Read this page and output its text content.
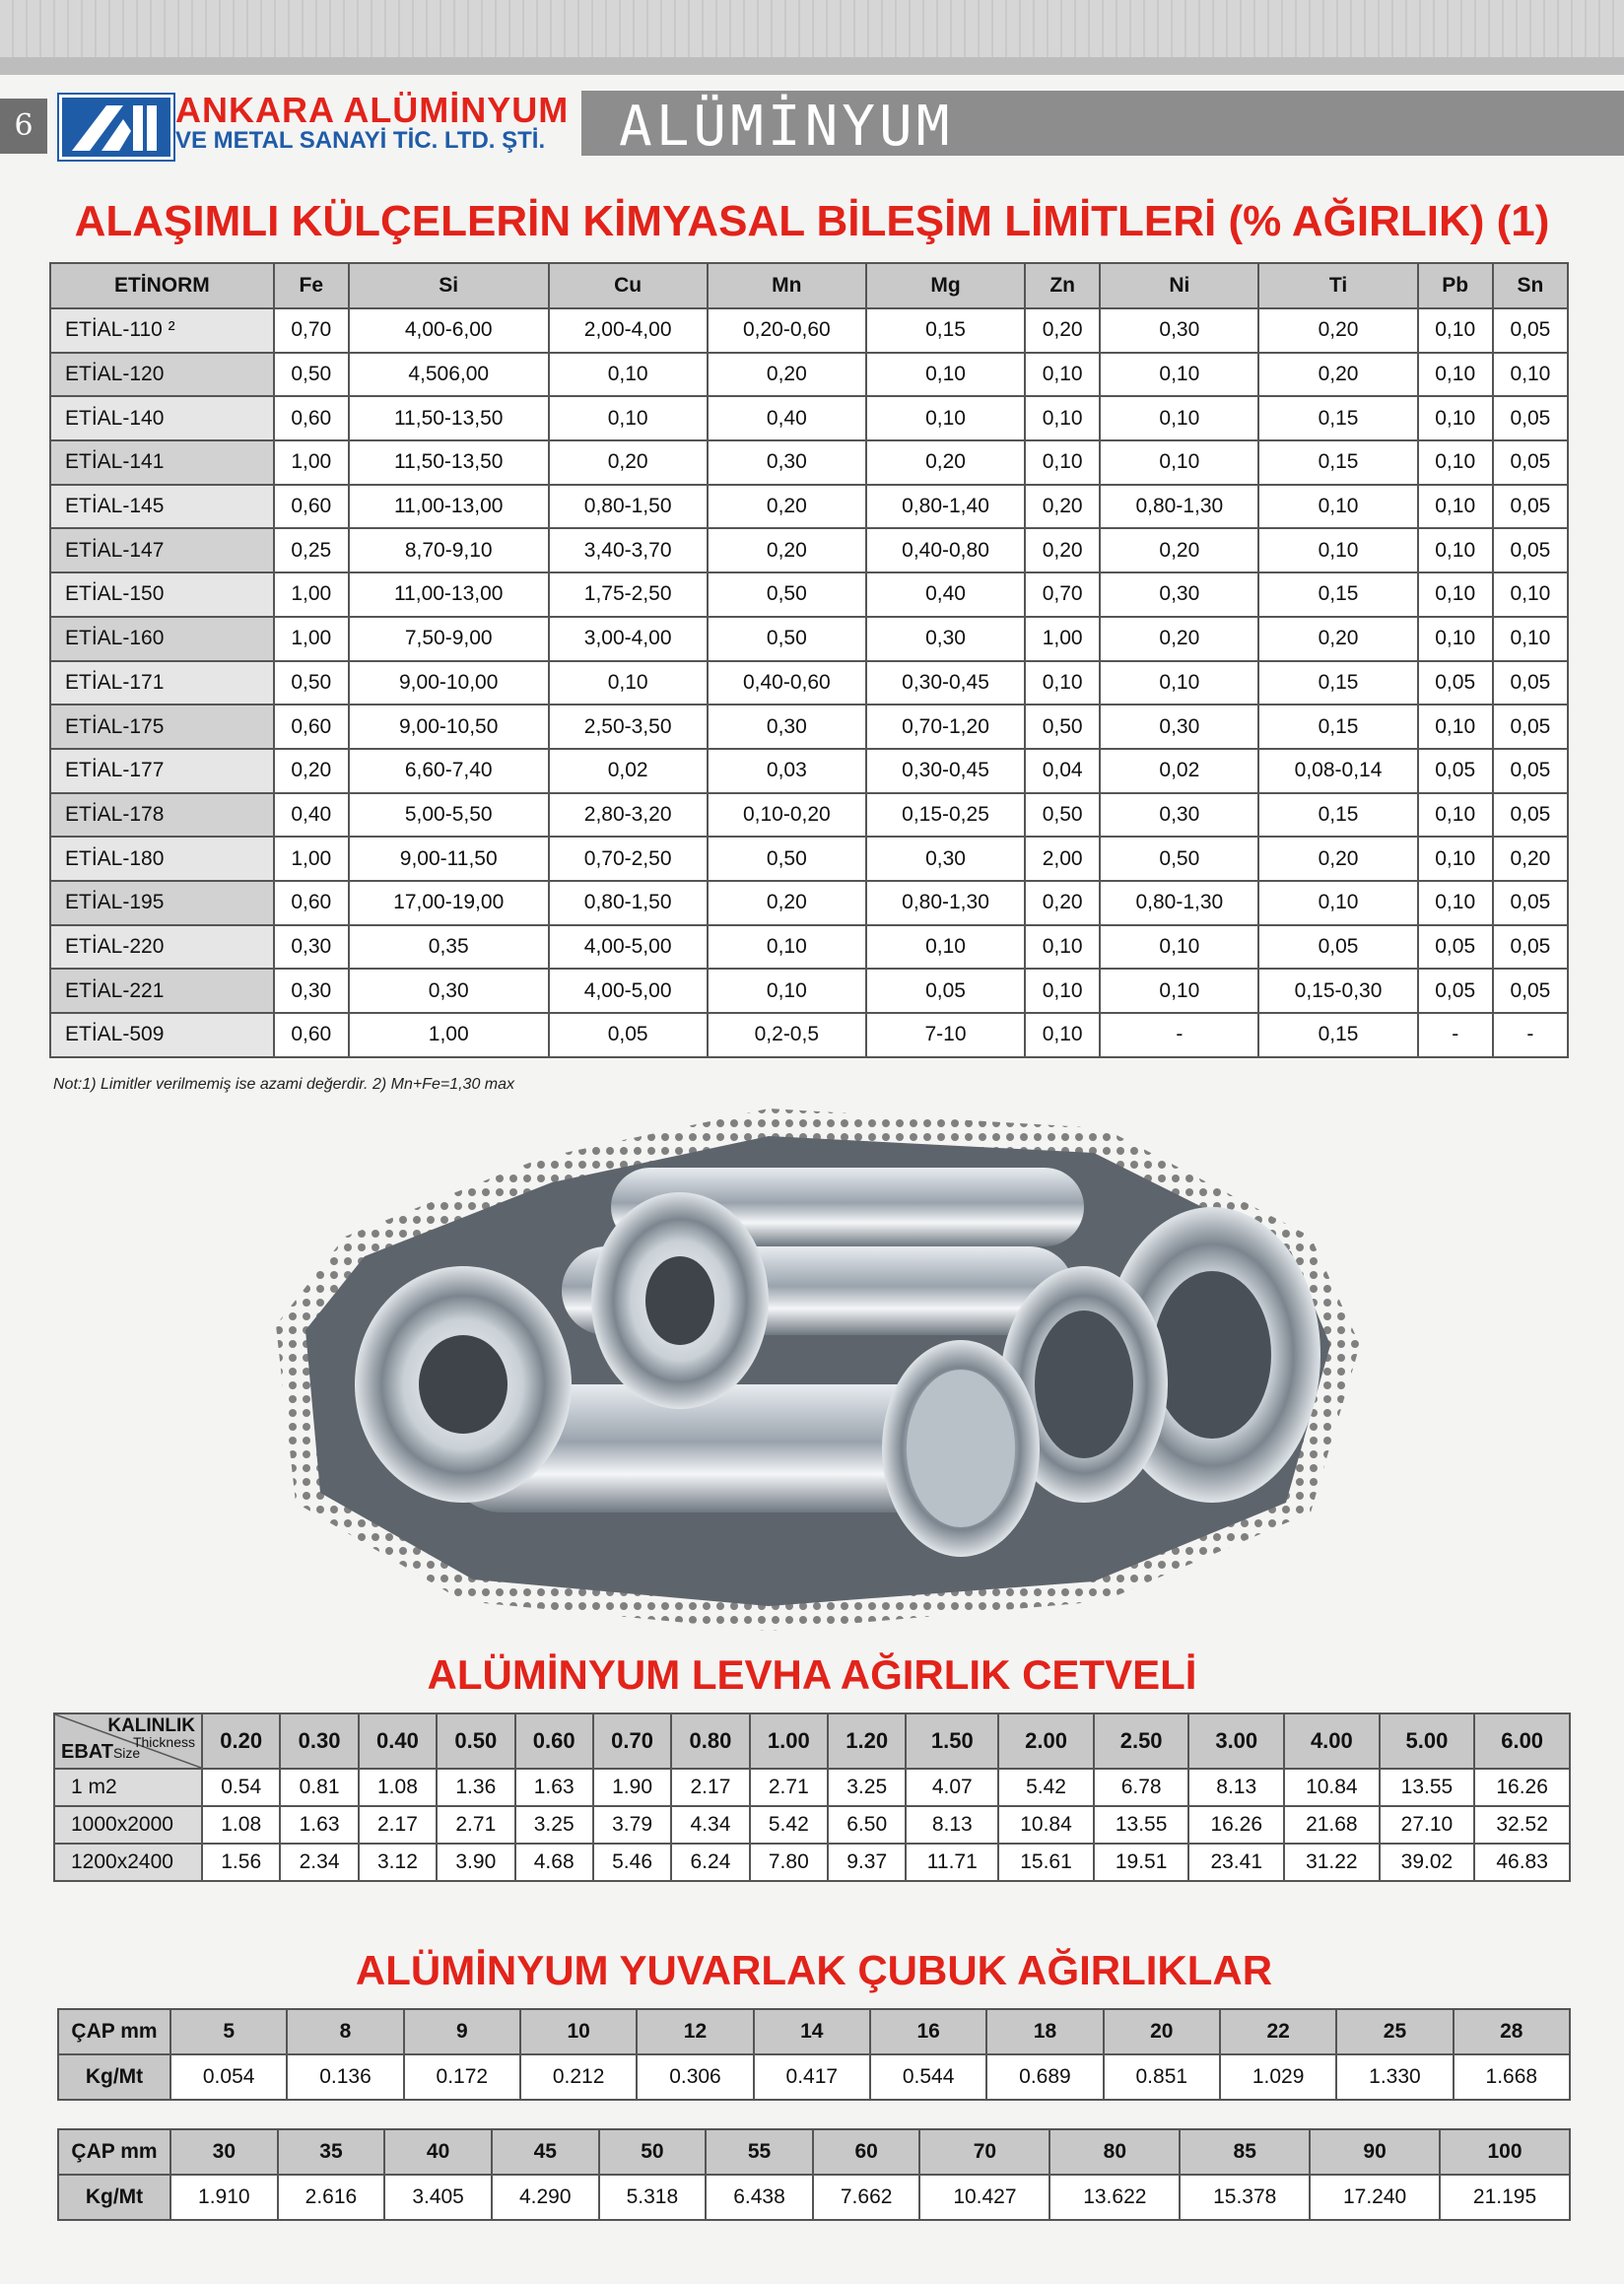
6	ANKARA ALÜMİNYUM
VE METAL SANAYİ TİC. LTD. ŞTİ.	ALÜMİNYUM
ALAŞIMLI KÜLÇELERİN KİMYASAL BİLEŞİM LİMİTLERİ (% AĞIRLIK) (1)
ETİNORM	Fe	Si	Cu	Mn	Mg	Zn	Ni	Ti	Pb	Sn
ETİAL-110 ²	0,70	4,00-6,00	2,00-4,00	0,20-0,60	0,15	0,20	0,30	0,20	0,10	0,05
ETİAL-120	0,50	4,506,00	0,10	0,20	0,10	0,10	0,10	0,20	0,10	0,10
ETİAL-140	0,60	11,50-13,50	0,10	0,40	0,10	0,10	0,10	0,15	0,10	0,05
ETİAL-141	1,00	11,50-13,50	0,20	0,30	0,20	0,10	0,10	0,15	0,10	0,05
ETİAL-145	0,60	11,00-13,00	0,80-1,50	0,20	0,80-1,40	0,20	0,80-1,30	0,10	0,10	0,05
ETİAL-147	0,25	8,70-9,10	3,40-3,70	0,20	0,40-0,80	0,20	0,20	0,10	0,10	0,05
ETİAL-150	1,00	11,00-13,00	1,75-2,50	0,50	0,40	0,70	0,30	0,15	0,10	0,10
ETİAL-160	1,00	7,50-9,00	3,00-4,00	0,50	0,30	1,00	0,20	0,20	0,10	0,10
ETİAL-171	0,50	9,00-10,00	0,10	0,40-0,60	0,30-0,45	0,10	0,10	0,15	0,05	0,05
ETİAL-175	0,60	9,00-10,50	2,50-3,50	0,30	0,70-1,20	0,50	0,30	0,15	0,10	0,05
ETİAL-177	0,20	6,60-7,40	0,02	0,03	0,30-0,45	0,04	0,02	0,08-0,14	0,05	0,05
ETİAL-178	0,40	5,00-5,50	2,80-3,20	0,10-0,20	0,15-0,25	0,50	0,30	0,15	0,10	0,05
ETİAL-180	1,00	9,00-11,50	0,70-2,50	0,50	0,30	2,00	0,50	0,20	0,10	0,20
ETİAL-195	0,60	17,00-19,00	0,80-1,50	0,20	0,80-1,30	0,20	0,80-1,30	0,10	0,10	0,05
ETİAL-220	0,30	0,35	4,00-5,00	0,10	0,10	0,10	0,10	0,05	0,05	0,05
ETİAL-221	0,30	0,30	4,00-5,00	0,10	0,05	0,10	0,10	0,15-0,30	0,05	0,05
ETİAL-509	0,60	1,00	0,05	0,2-0,5	7-10	0,10	-	0,15	-	-
Not:1) Limitler verilmemiş ise azami değerdir. 2) Mn+Fe=1,30 max
ALÜMİNYUM LEVHA AĞIRLIK CETVELİ
KALINLIK
Thickness
EBATSize	0.20	0.30	0.40	0.50	0.60	0.70	0.80	1.00	1.20	1.50	2.00	2.50	3.00	4.00	5.00	6.00
1 m2	0.54	0.81	1.08	1.36	1.63	1.90	2.17	2.71	3.25	4.07	5.42	6.78	8.13	10.84	13.55	16.26
1000x2000	1.08	1.63	2.17	2.71	3.25	3.79	4.34	5.42	6.50	8.13	10.84	13.55	16.26	21.68	27.10	32.52
1200x2400	1.56	2.34	3.12	3.90	4.68	5.46	6.24	7.80	9.37	11.71	15.61	19.51	23.41	31.22	39.02	46.83
ALÜMİNYUM YUVARLAK ÇUBUK AĞIRLIKLAR
ÇAP mm	5	8	9	10	12	14	16	18	20	22	25	28
Kg/Mt	0.054	0.136	0.172	0.212	0.306	0.417	0.544	0.689	0.851	1.029	1.330	1.668
ÇAP mm	30	35	40	45	50	55	60	70	80	85	90	100
Kg/Mt	1.910	2.616	3.405	4.290	5.318	6.438	7.662	10.427	13.622	15.378	17.240	21.195
